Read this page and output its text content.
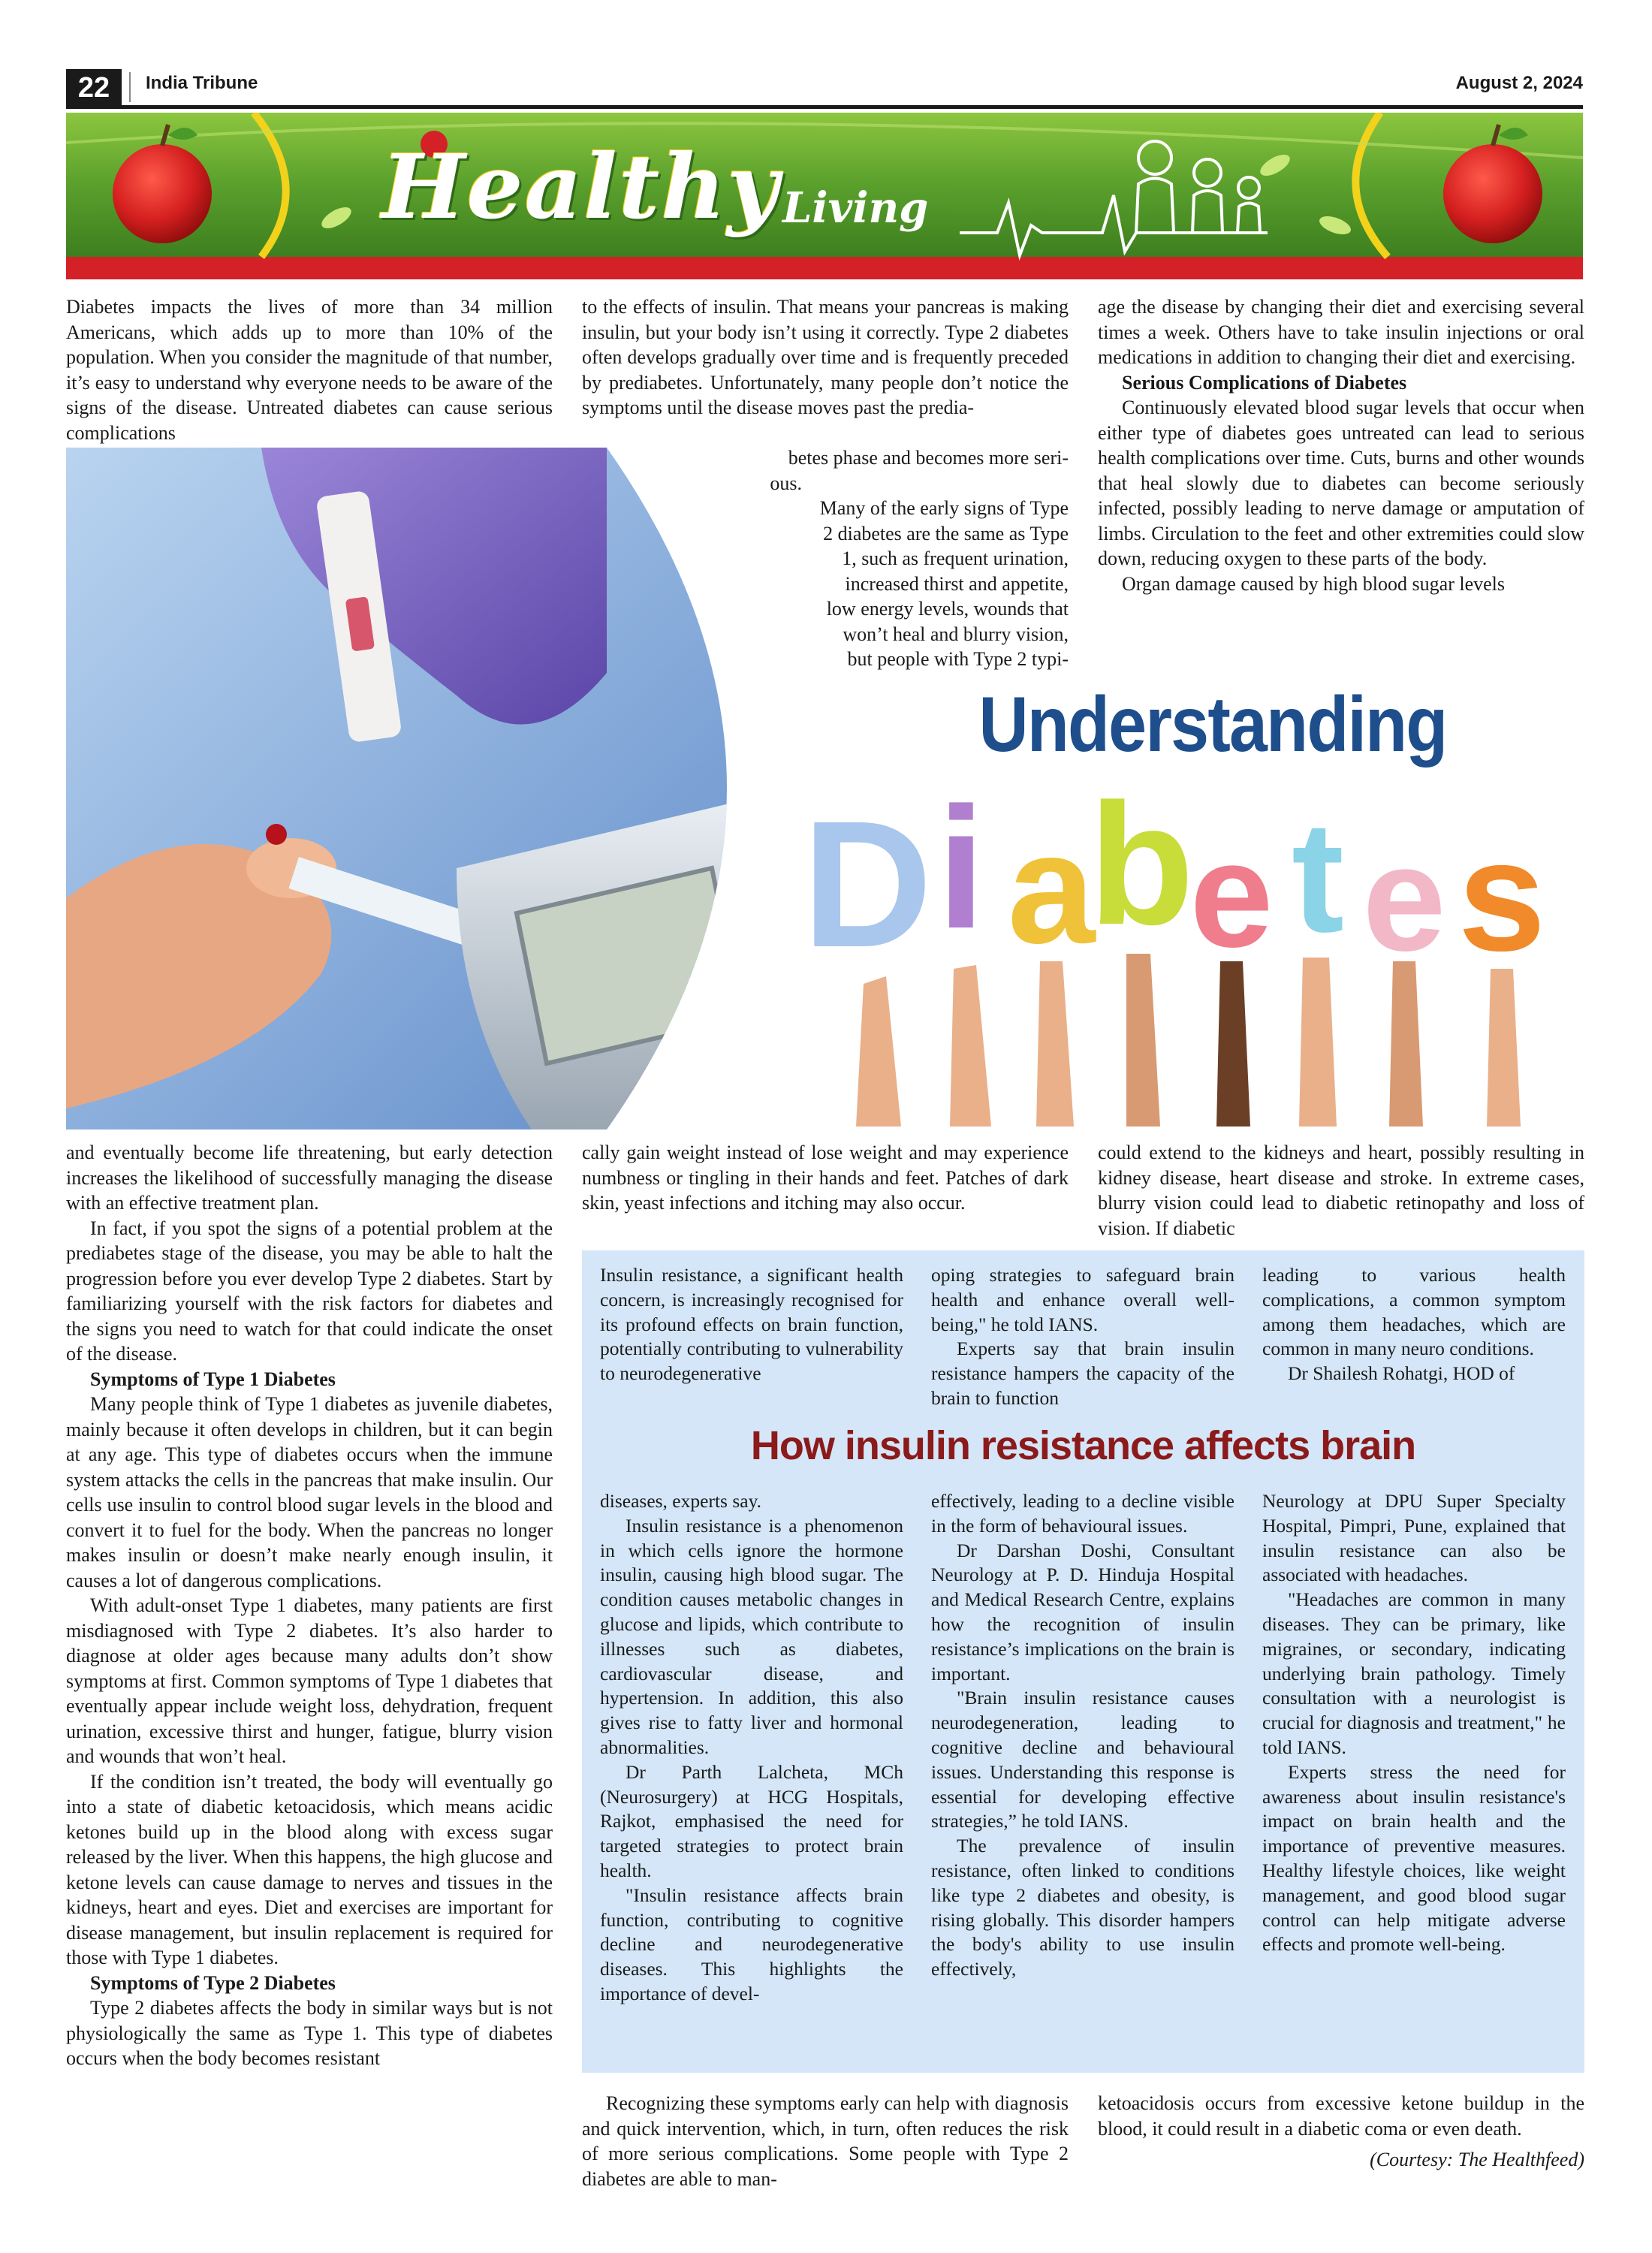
22	India Tribune	August 2, 2024
Healthy Living

Diabetes impacts the lives of more than 34 million Americans, which adds up to more than 10% of the population. When you consider the magnitude of that number, it’s easy to understand why everyone needs to be aware of the signs of the disease. Untreated diabetes can cause serious complications

to the effects of insulin. That means your pancreas is making insulin, but your body isn’t using it correctly. Type 2 diabetes often develops gradually over time and is frequently preceded by prediabetes. Unfortunately, many people don’t notice the symptoms until the disease moves past the predia-

betes phase and becomes more seri-
ous.
Many of the early signs of Type
2 diabetes are the same as Type
1, such as frequent urination,
increased thirst and appetite,
low energy levels, wounds that
won’t heal and blurry vision,
but people with Type 2 typi-

age the disease by changing their diet and exercising several times a week. Others have to take insulin injections or oral medications in addition to changing their diet and exercising.

Serious Complications of Diabetes

Continuously elevated blood sugar levels that occur when either type of diabetes goes untreated can lead to serious health complications over time. Cuts, burns and other wounds that heal slowly due to diabetes can become seriously infected, possibly leading to nerve damage or amputation of limbs. Circulation to the feet and other extremities could slow down, reducing oxygen to these parts of the body.

Organ damage caused by high blood sugar levels

Understanding
D i a
b
e t e s

and eventually become life threatening, but early detection increases the likelihood of successfully managing the disease with an effective treatment plan.

In fact, if you spot the signs of a potential problem at the prediabetes stage of the disease, you may be able to halt the progression before you ever develop Type 2 diabetes. Start by familiarizing yourself with the risk factors for diabetes and the signs you need to watch for that could indicate the onset of the disease.

Symptoms of Type 1 Diabetes

Many people think of Type 1 diabetes as juvenile diabetes, mainly because it often develops in children, but it can begin at any age. This type of diabetes occurs when the immune system attacks the cells in the pancreas that make insulin. Our cells use insulin to control blood sugar levels in the blood and convert it to fuel for the body. When the pancreas no longer makes insulin or doesn’t make nearly enough insulin, it causes a lot of dangerous complications.

With adult-onset Type 1 diabetes, many patients are first misdiagnosed with Type 2 diabetes. It’s also harder to diagnose at older ages because many adults don’t show symptoms at first. Common symptoms of Type 1 diabetes that eventually appear include weight loss, dehydration, frequent urination, excessive thirst and hunger, fatigue, blurry vision and wounds that won’t heal.

If the condition isn’t treated, the body will eventually go into a state of diabetic ketoacidosis, which means acidic ketones build up in the blood along with excess sugar released by the liver. When this happens, the high glucose and ketone levels can cause damage to nerves and tissues in the kidneys, heart and eyes. Diet and exercises are important for disease management, but insulin replacement is required for those with Type 1 diabetes.

Symptoms of Type 2 Diabetes

Type 2 diabetes affects the body in similar ways but is not physiologically the same as Type 1. This type of diabetes occurs when the body becomes resistant

cally gain weight instead of lose weight and may experience numbness or tingling in their hands and feet. Patches of dark skin, yeast infections and itching may also occur.

could extend to the kidneys and heart, possibly resulting in kidney disease, heart disease and stroke. In extreme cases, blurry vision could lead to diabetic retinopathy and loss of vision. If diabetic

Insulin resistance, a significant health concern, is increasingly recognised for its profound effects on brain function, potentially contributing to vulnerability to neurodegenerative

oping strategies to safeguard brain health and enhance overall well-being," he told IANS.

Experts say that brain insulin resistance hampers the capacity of the brain to function

leading to various health complications, a common symptom among them headaches, which are common in many neuro conditions.

Dr Shailesh Rohatgi, HOD of

How insulin resistance affects brain

diseases, experts say.

Insulin resistance is a phenomenon in which cells ignore the hormone insulin, causing high blood sugar. The condition causes metabolic changes in glucose and lipids, which contribute to illnesses such as diabetes, cardiovascular disease, and hypertension. In addition, this also gives rise to fatty liver and hormonal abnormalities.

Dr Parth Lalcheta, MCh (Neurosurgery) at HCG Hospitals, Rajkot, emphasised the need for targeted strategies to protect brain health.

"Insulin resistance affects brain function, contributing to cognitive decline and neurodegenerative diseases. This highlights the importance of devel-

effectively, leading to a decline visible in the form of behavioural issues.

Dr Darshan Doshi, Consultant Neurology at P. D. Hinduja Hospital and Medical Research Centre, explains how the recognition of insulin resistance’s implications on the brain is important.

"Brain insulin resistance causes neurodegeneration, leading to cognitive decline and behavioural issues. Understanding this response is essential for developing effective strategies,” he told IANS.

The prevalence of insulin resistance, often linked to conditions like type 2 diabetes and obesity, is rising globally. This disorder hampers the body's ability to use insulin effectively,

Neurology at DPU Super Specialty Hospital, Pimpri, Pune, explained that insulin resistance can also be associated with headaches.

"Headaches are common in many diseases. They can be primary, like migraines, or secondary, indicating underlying brain pathology. Timely consultation with a neurologist is crucial for diagnosis and treatment," he told IANS.

Experts stress the need for awareness about insulin resistance's impact on brain health and the importance of preventive measures. Healthy lifestyle choices, like weight management, and good blood sugar control can help mitigate adverse effects and promote well-being.

Recognizing these symptoms early can help with diagnosis and quick intervention, which, in turn, often reduces the risk of more serious complications. Some people with Type 2 diabetes are able to man-

ketoacidosis occurs from excessive ketone buildup in the blood, it could result in a diabetic coma or even death.

(Courtesy: The Healthfeed)
